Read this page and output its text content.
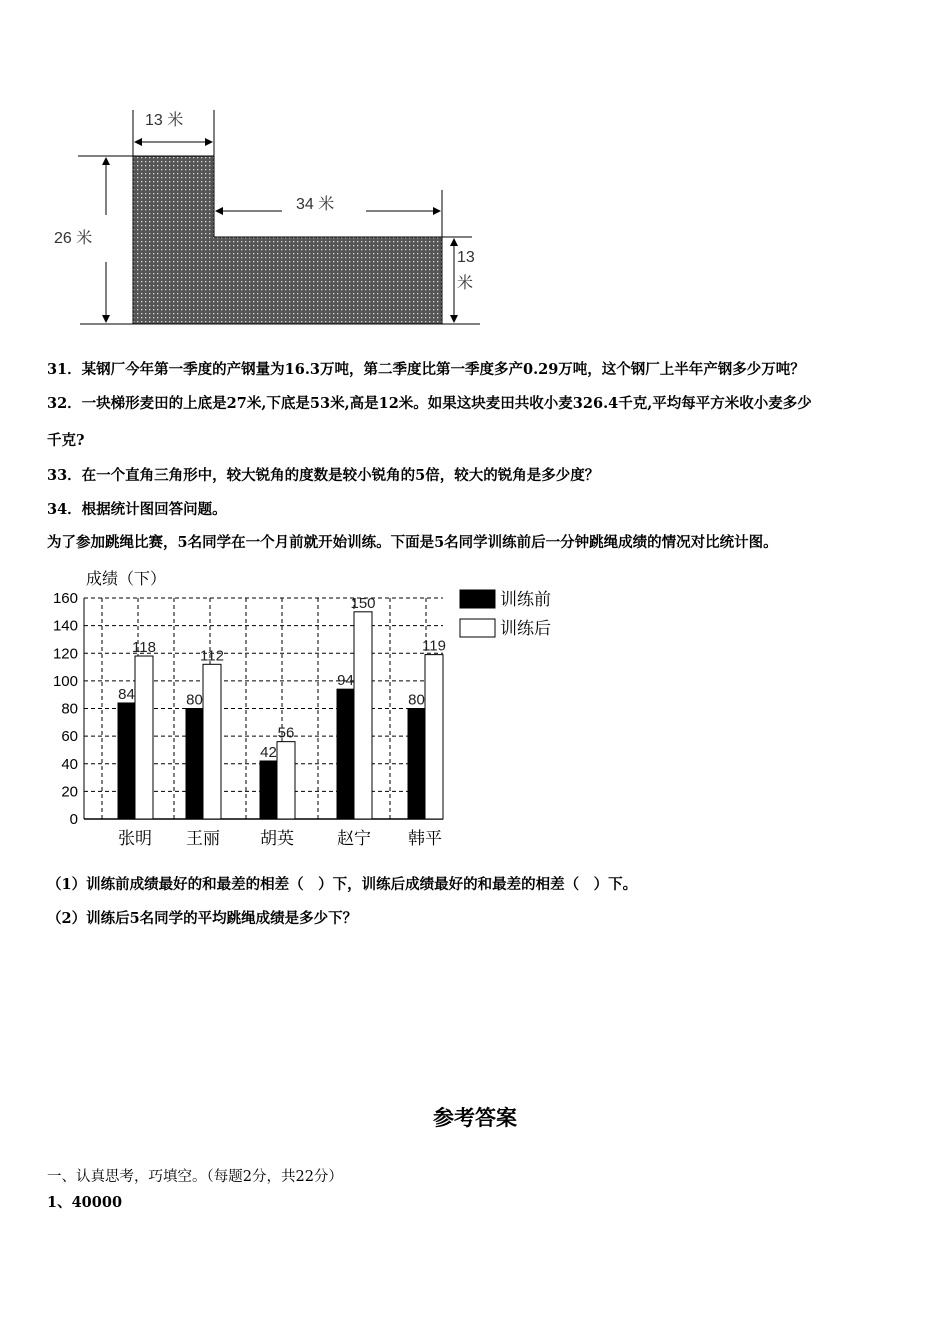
13 米
26 米
34 米
13
米
31．某钢厂今年第一季度的产钢量为16.3万吨，第二季度比第一季度多产0.29万吨，这个钢厂上半年产钢多少万吨？
32．一块梯形麦田的上底是27米,下底是53米,高是12米。如果这块麦田共收小麦326.4千克,平均每平方米收小麦多少
千克?
33．在一个直角三角形中，较大锐角的度数是较小锐角的5倍，较大的锐角是多少度？
34．根据统计图回答问题。
为了参加跳绳比赛，5名同学在一个月前就开始训练。下面是5名同学训练前后一分钟跳绳成绩的情况对比统计图。
成绩（下）
84
118
80
112
42
56
94
150
80
119
0
20
40
60
80
100
120
140
160
张明 王丽 胡英	赵宁 韩平
训练前
训练后
（1）训练前成绩最好的和最差的相差（　）下，训练后成绩最好的和最差的相差（　）下。
（2）训练后5名同学的平均跳绳成绩是多少下？
参考答案
一、认真思考，巧填空。（每题2分，共22分）
1、40000
